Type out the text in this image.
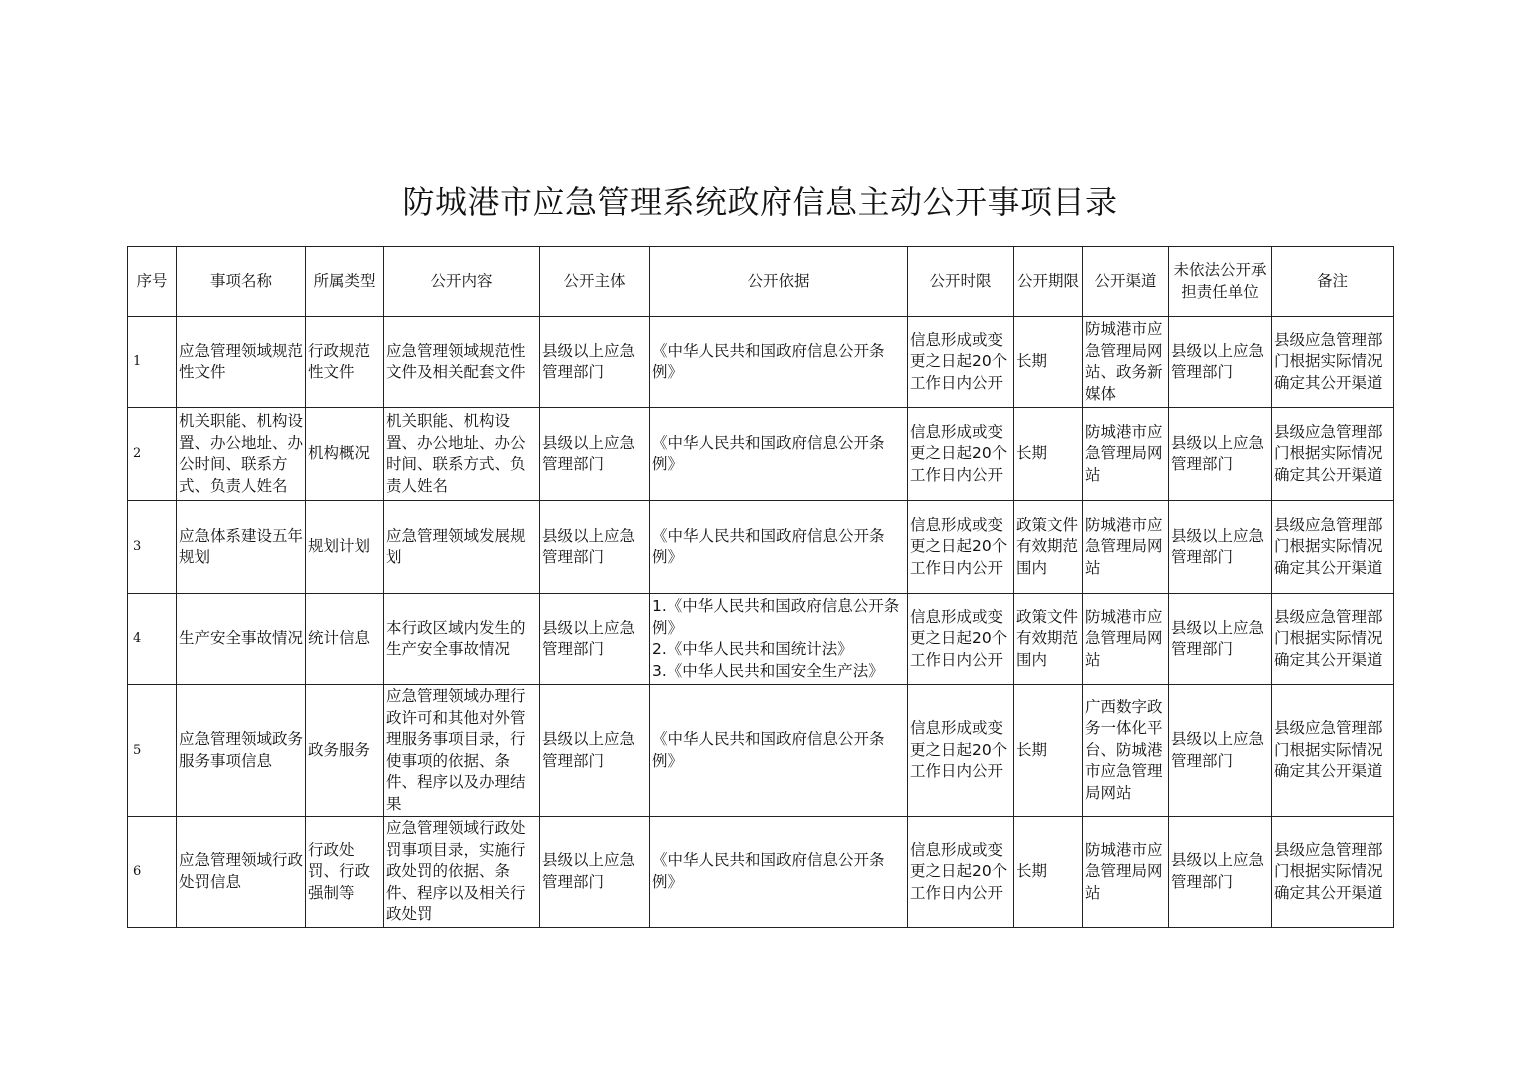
防城港市应急管理系统政府信息主动公开事项目录
序号	事项名称	所属类型	公开内容	公开主体	公开依据	公开时限	公开期限	公开渠道	未依法公开承担责任单位	备注
1	应急管理领域规范性文件	行政规范性文件	应急管理领域规范性文件及相关配套文件	县级以上应急管理部门	《中华人民共和国政府信息公开条例》	信息形成或变更之日起20个工作日内公开	长期	防城港市应急管理局网站、政务新媒体	县级以上应急管理部门	县级应急管理部门根据实际情况确定其公开渠道
2	机关职能、机构设置、办公地址、办公时间、联系方式、负责人姓名	机构概况	机关职能、机构设置、办公地址、办公时间、联系方式、负责人姓名	县级以上应急管理部门	《中华人民共和国政府信息公开条例》	信息形成或变更之日起20个工作日内公开	长期	防城港市应急管理局网站	县级以上应急管理部门	县级应急管理部门根据实际情况确定其公开渠道
3	应急体系建设五年规划	规划计划	应急管理领域发展规划	县级以上应急管理部门	《中华人民共和国政府信息公开条例》	信息形成或变更之日起20个工作日内公开	政策文件有效期范围内	防城港市应急管理局网站	县级以上应急管理部门	县级应急管理部门根据实际情况确定其公开渠道
4	生产安全事故情况	统计信息	本行政区域内发生的生产安全事故情况	县级以上应急管理部门	1.《中华人民共和国政府信息公开条例》
2.《中华人民共和国统计法》
3.《中华人民共和国安全生产法》	信息形成或变更之日起20个工作日内公开	政策文件有效期范围内	防城港市应急管理局网站	县级以上应急管理部门	县级应急管理部门根据实际情况确定其公开渠道
5	应急管理领域政务服务事项信息	政务服务	应急管理领域办理行政许可和其他对外管理服务事项目录，行使事项的依据、条件、程序以及办理结果	县级以上应急管理部门	《中华人民共和国政府信息公开条例》	信息形成或变更之日起20个工作日内公开	长期	广西数字政务一体化平台、防城港市应急管理局网站	县级以上应急管理部门	县级应急管理部门根据实际情况确定其公开渠道
6	应急管理领域行政处罚信息	行政处罚、行政强制等	应急管理领域行政处罚事项目录，实施行政处罚的依据、条件、程序以及相关行政处罚	县级以上应急管理部门	《中华人民共和国政府信息公开条例》	信息形成或变更之日起20个工作日内公开	长期	防城港市应急管理局网站	县级以上应急管理部门	县级应急管理部门根据实际情况确定其公开渠道
